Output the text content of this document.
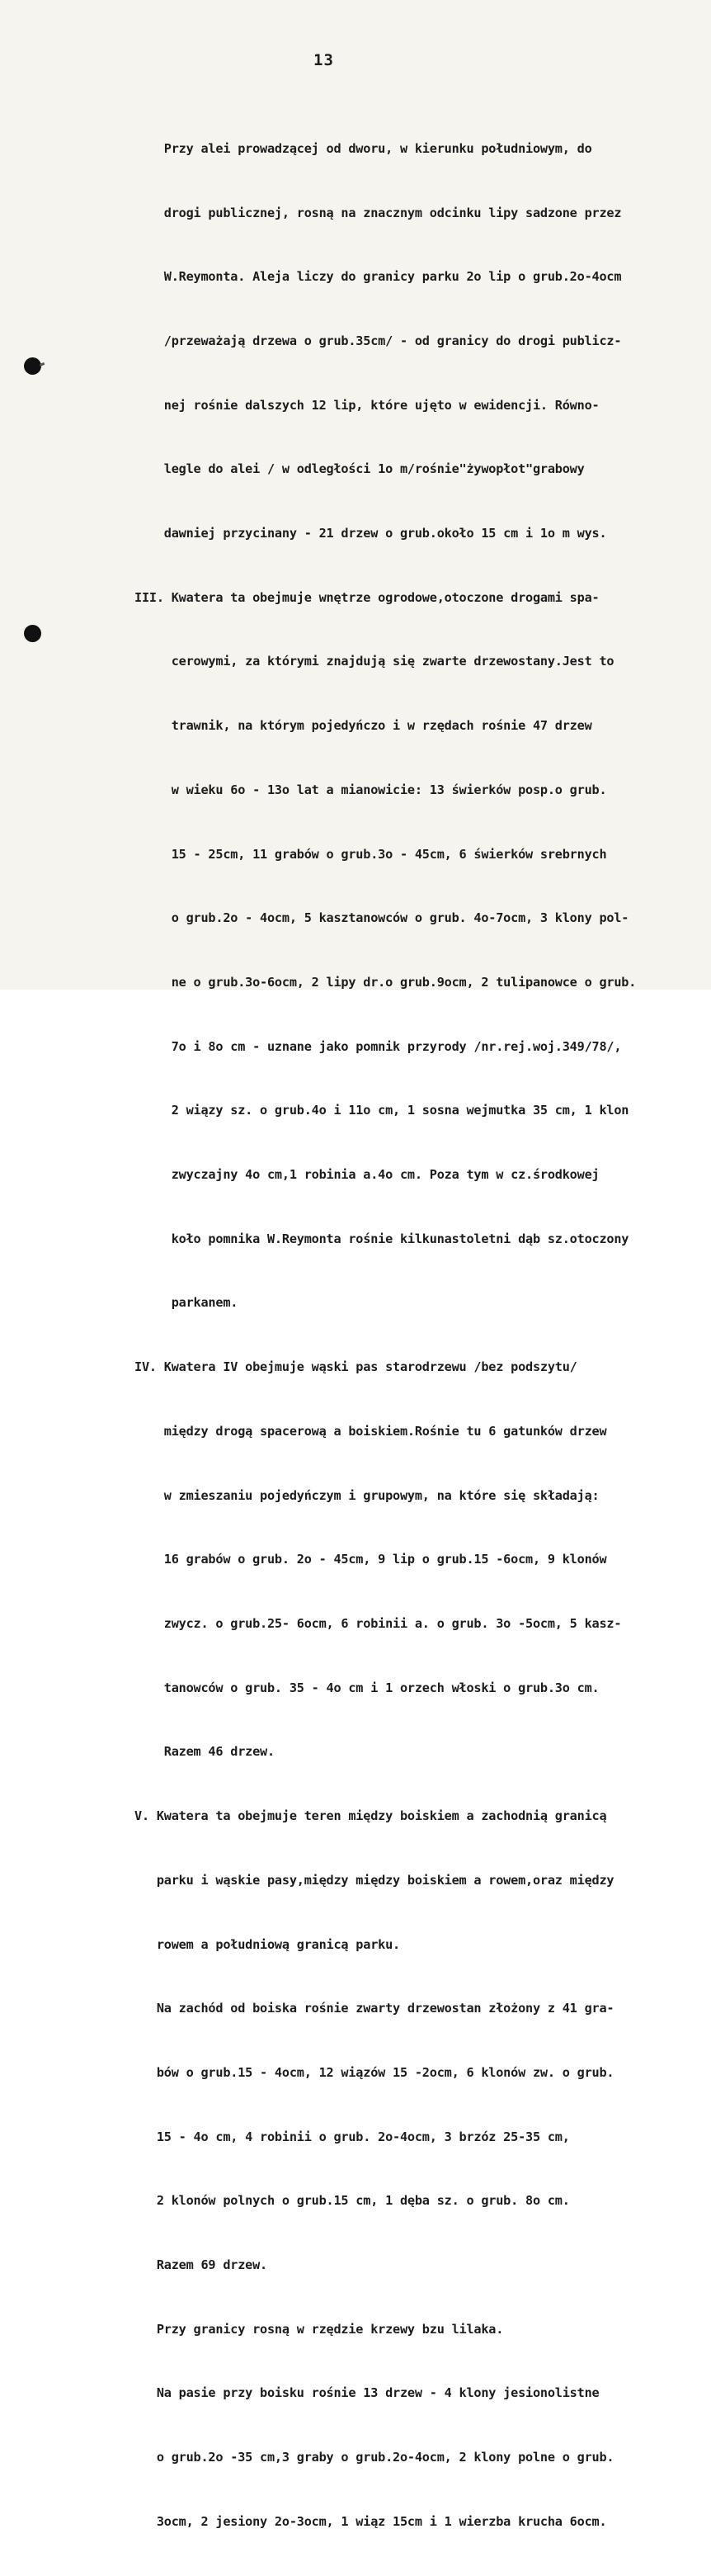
13

Przy alei prowadzącej od dworu, w kierunku południowym, do

drogi publicznej, rosną na znacznym odcinku lipy sadzone przez

W.Reymonta. Aleja liczy do granicy parku 2o lip o grub.2o-4ocm

/przeważają drzewa o grub.35cm/ - od granicy do drogi publicz-

nej rośnie dalszych 12 lip, które ujęto w ewidencji. Równo-

legle do alei / w odległości 1o m/rośnie"żywopłot"grabowy

dawniej przycinany - 21 drzew o grub.około 15 cm i 1o m wys.

III. Kwatera ta obejmuje wnętrze ogrodowe,otoczone drogami spa-

cerowymi, za którymi znajdują się zwarte drzewostany.Jest to

trawnik, na którym pojedyńczo i w rzędach rośnie 47 drzew

w wieku 6o - 13o lat a mianowicie: 13 świerków posp.o grub.

15 - 25cm, 11 grabów o grub.3o - 45cm, 6 świerków srebrnych

o grub.2o - 4ocm, 5 kasztanowców o grub. 4o-7ocm, 3 klony pol-

ne o grub.3o-6ocm, 2 lipy dr.o grub.9ocm, 2 tulipanowce o grub.

7o i 8o cm - uznane jako pomnik przyrody /nr.rej.woj.349/78/,

2 wiązy sz. o grub.4o i 11o cm, 1 sosna wejmutka 35 cm, 1 klon

zwyczajny 4o cm,1 robinia a.4o cm. Poza tym w cz.środkowej

koło pomnika W.Reymonta rośnie kilkunastoletni dąb sz.otoczony

parkanem.

IV. Kwatera IV obejmuje wąski pas starodrzewu /bez podszytu/

między drogą spacerową a boiskiem.Rośnie tu 6 gatunków drzew

w zmieszaniu pojedyńczym i grupowym, na które się składają:

16 grabów o grub. 2o - 45cm, 9 lip o grub.15 -6ocm, 9 klonów

zwycz. o grub.25- 6ocm, 6 robinii a. o grub. 3o -5ocm, 5 kasz-

tanowców o grub. 35 - 4o cm i 1 orzech włoski o grub.3o cm.

Razem 46 drzew.

V. Kwatera ta obejmuje teren między boiskiem a zachodnią granicą

parku i wąskie pasy,między między boiskiem a rowem,oraz między

rowem a południową granicą parku.

Na zachód od boiska rośnie zwarty drzewostan złożony z 41 gra-

bów o grub.15 - 4ocm, 12 wiązów 15 -2ocm, 6 klonów zw. o grub.

15 - 4o cm, 4 robinii o grub. 2o-4ocm, 3 brzóz 25-35 cm,

2 klonów polnych o grub.15 cm, 1 dęba sz. o grub. 8o cm.

Razem 69 drzew.

Przy granicy rosną w rzędzie krzewy bzu lilaka.

Na pasie przy boisku rośnie 13 drzew - 4 klony jesionolistne

o grub.2o -35 cm,3 graby o grub.2o-4ocm, 2 klony polne o grub.

3ocm, 2 jesiony 2o-3ocm, 1 wiąz 15cm i 1 wierzba krucha 6ocm.
